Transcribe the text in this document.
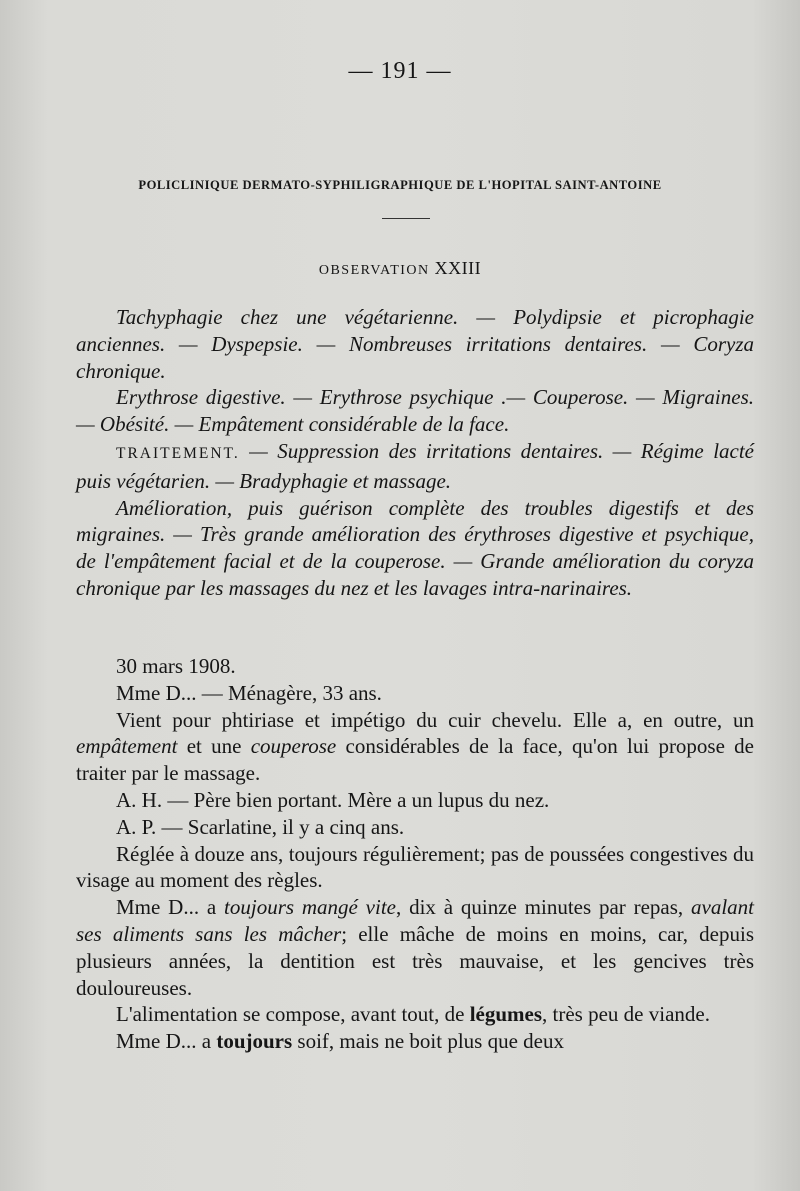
— 191 —
POLICLINIQUE DERMATO-SYPHILIGRAPHIQUE DE L'HOPITAL SAINT-ANTOINE
OBSERVATION XXIII

Tachyphagie chez une végétarienne. — Polydipsie et picrophagie anciennes. — Dyspepsie. — Nombreuses irritations dentaires. — Coryza chronique.

Erythrose digestive. — Erythrose psychique .— Couperose. — Migraines. — Obésité. — Empâtement considérable de la face.

TRAITEMENT. — Suppression des irritations dentaires. — Régime lacté puis végétarien. — Bradyphagie et massage.

Amélioration, puis guérison complète des troubles digestifs et des migraines. — Très grande amélioration des érythroses digestive et psychique, de l'empâtement facial et de la couperose. — Grande amélioration du coryza chronique par les massages du nez et les lavages intra-narinaires.

30 mars 1908.

Mme D... — Ménagère, 33 ans.

Vient pour phtiriase et impétigo du cuir chevelu. Elle a, en outre, un empâtement et une couperose considérables de la face, qu'on lui propose de traiter par le massage.

A. H. — Père bien portant. Mère a un lupus du nez.

A. P. — Scarlatine, il y a cinq ans.

Réglée à douze ans, toujours régulièrement; pas de poussées congestives du visage au moment des règles.

Mme D... a toujours mangé vite, dix à quinze minutes par repas, avalant ses aliments sans les mâcher; elle mâche de moins en moins, car, depuis plusieurs années, la dentition est très mauvaise, et les gencives très douloureuses.

L'alimentation se compose, avant tout, de légumes, très peu de viande.

Mme D... a toujours soif, mais ne boit plus que deux
